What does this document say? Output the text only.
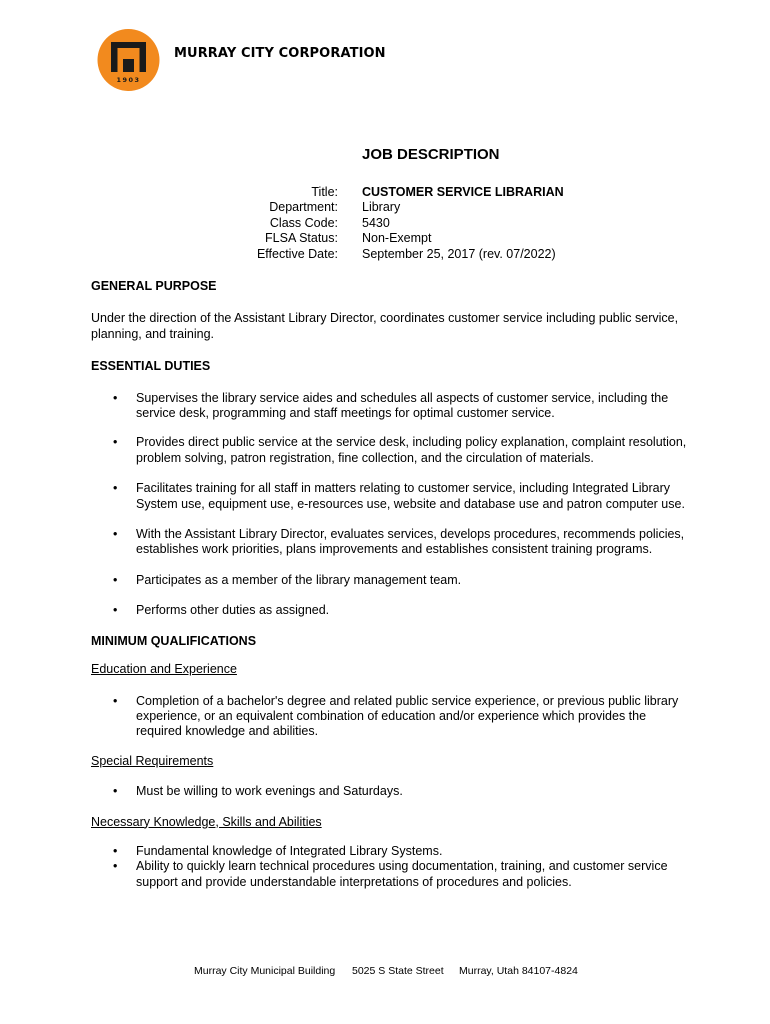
1903
MURRAY CITY CORPORATION
JOB DESCRIPTION
Title:
Department:
Class Code:
FLSA Status:
Effective Date:
CUSTOMER SERVICE LIBRARIAN
Library
5430
Non-Exempt
September 25, 2017 (rev. 07/2022)

GENERAL PURPOSE

Under the direction of the Assistant Library Director, coordinates customer service including public service, planning, and training.

ESSENTIAL DUTIES

• Supervises the library service aides and schedules all aspects of customer service, including the service desk, programming and staff meetings for optimal customer service.
• Provides direct public service at the service desk, including policy explanation, complaint resolution, problem solving, patron registration, fine collection, and the circulation of materials.
• Facilitates training for all staff in matters relating to customer service, including Integrated Library System use, equipment use, e-resources use, website and database use and patron computer use.
• With the Assistant Library Director, evaluates services, develops procedures, recommends policies, establishes work priorities, plans improvements and establishes consistent training programs.
• Participates as a member of the library management team.
• Performs other duties as assigned.

MINIMUM QUALIFICATIONS

Education and Experience

• Completion of a bachelor's degree and related public service experience, or previous public library experience, or an equivalent combination of education and/or experience which provides the required knowledge and abilities.

Special Requirements

• Must be willing to work evenings and Saturdays.

Necessary Knowledge, Skills and Abilities

• Fundamental knowledge of Integrated Library Systems.
• Ability to quickly learn technical procedures using documentation, training, and customer service support and provide understandable interpretations of procedures and policies.
Murray City Municipal Building 5025 S State Street Murray, Utah 84107-4824
